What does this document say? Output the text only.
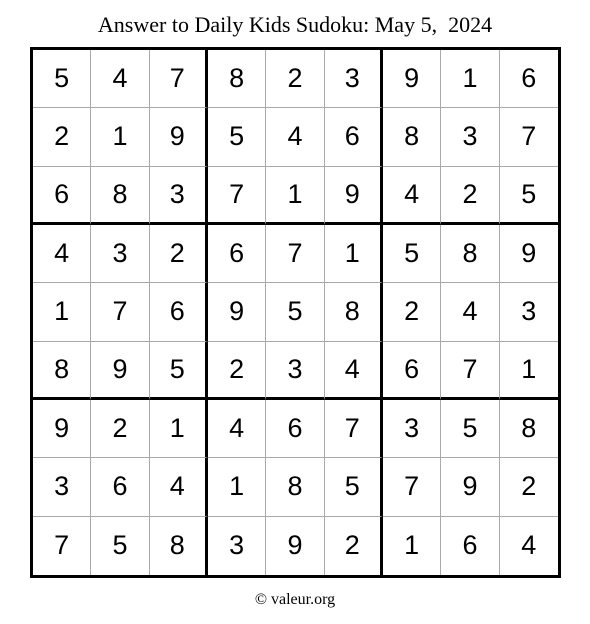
Answer to Daily Kids Sudoku: May 5,  2024
5	4	7	8	2	3	9	1	6
2	1	9	5	4	6	8	3	7
6	8	3	7	1	9	4	2	5
4	3	2	6	7	1	5	8	9
1	7	6	9	5	8	2	4	3
8	9	5	2	3	4	6	7	1
9	2	1	4	6	7	3	5	8
3	6	4	1	8	5	7	9	2
7	5	8	3	9	2	1	6	4
© valeur.org
